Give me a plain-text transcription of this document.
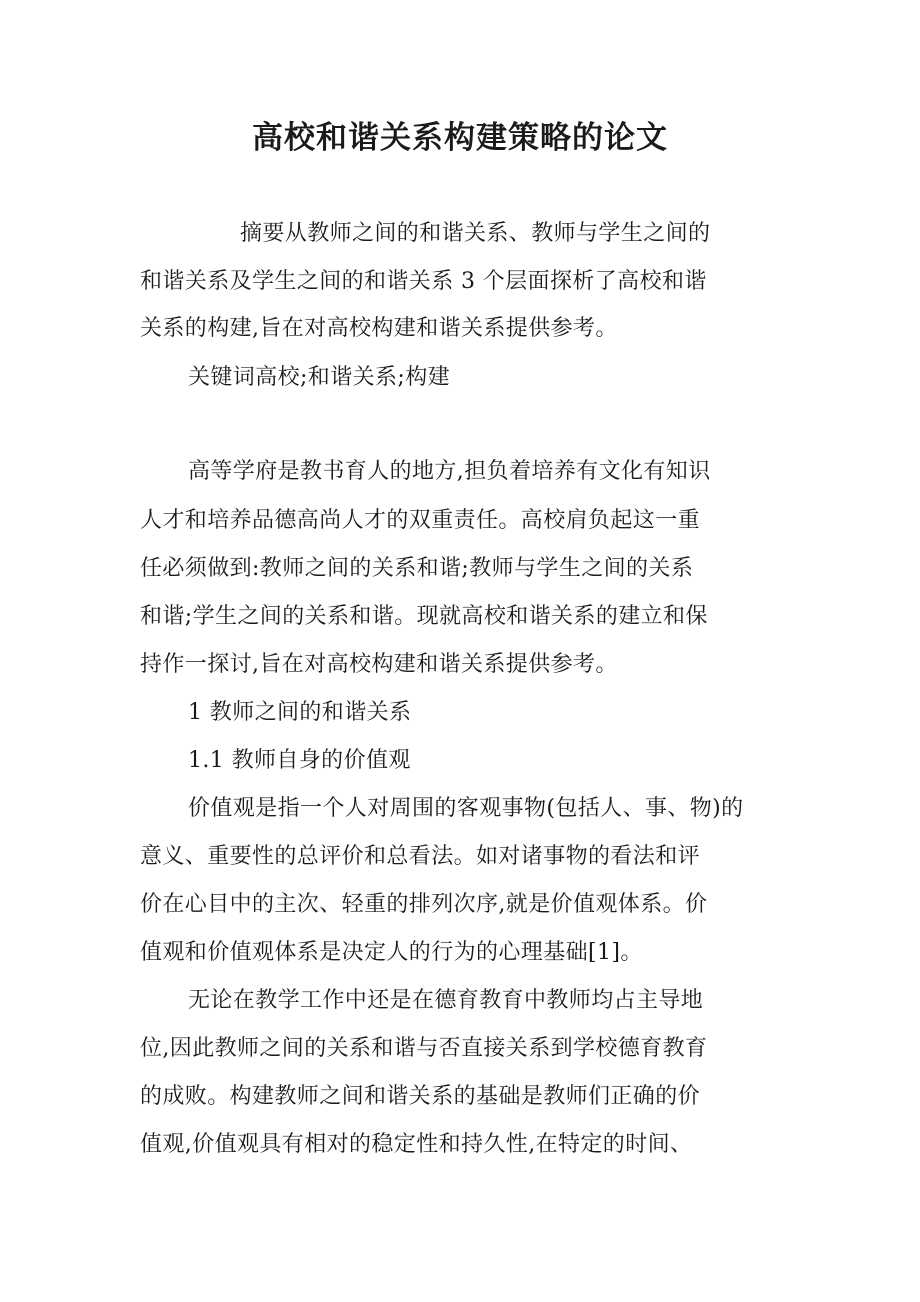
高校和谐关系构建策略的论文
摘要从教师之间的和谐关系、教师与学生之间的
和谐关系及学生之间的和谐关系 3 个层面探析了高校和谐
关系的构建,旨在对高校构建和谐关系提供参考。
关键词高校;和谐关系;构建
高等学府是教书育人的地方,担负着培养有文化有知识
人才和培养品德高尚人才的双重责任。高校肩负起这一重
任必须做到:教师之间的关系和谐;教师与学生之间的关系
和谐;学生之间的关系和谐。现就高校和谐关系的建立和保
持作一探讨,旨在对高校构建和谐关系提供参考。
1 教师之间的和谐关系
1.1 教师自身的价值观
价值观是指一个人对周围的客观事物(包括人、事、物)的
意义、重要性的总评价和总看法。如对诸事物的看法和评
价在心目中的主次、轻重的排列次序,就是价值观体系。价
值观和价值观体系是决定人的行为的心理基础[1]。
无论在教学工作中还是在德育教育中教师均占主导地
位,因此教师之间的关系和谐与否直接关系到学校德育教育
的成败。构建教师之间和谐关系的基础是教师们正确的价
值观,价值观具有相对的稳定性和持久性,在特定的时间、
